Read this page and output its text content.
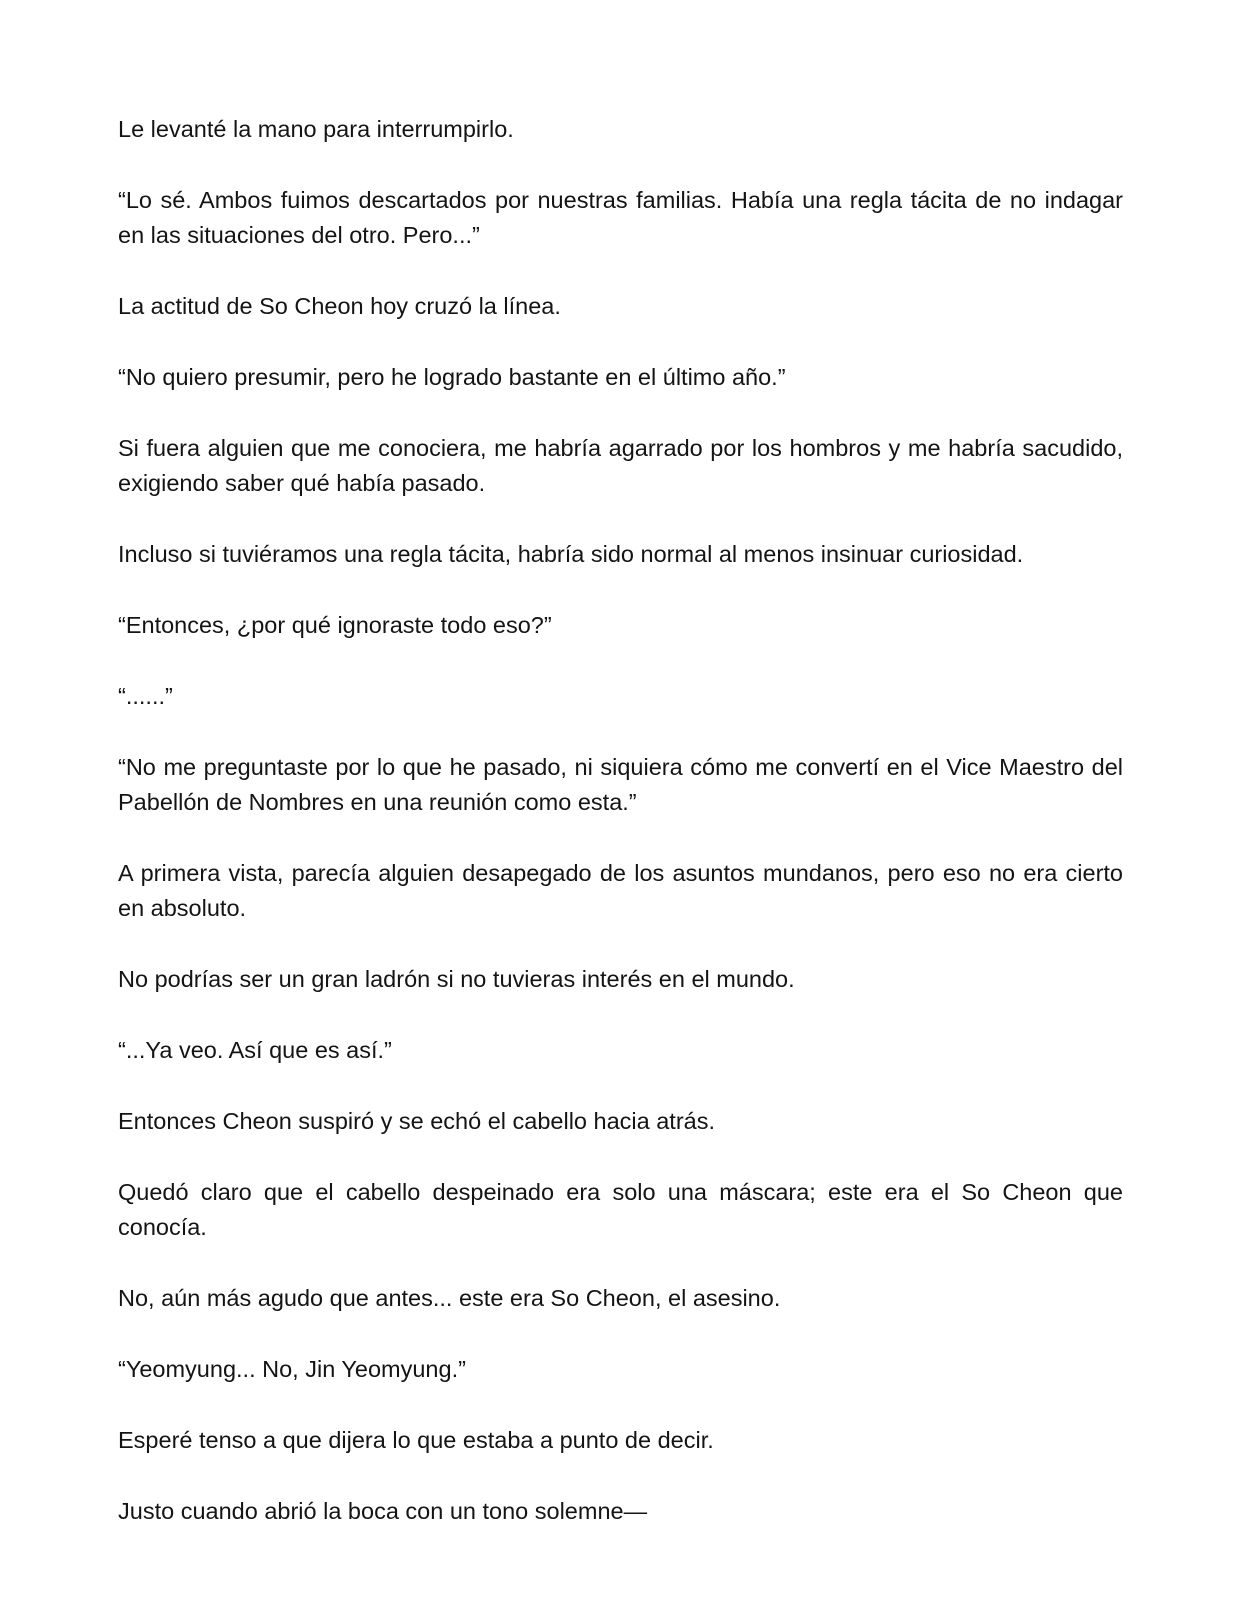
Le levanté la mano para interrumpirlo.

“Lo sé. Ambos fuimos descartados por nuestras familias. Había una regla tácita de no indagar en las situaciones del otro. Pero...”

La actitud de So Cheon hoy cruzó la línea.

“No quiero presumir, pero he logrado bastante en el último año.”

Si fuera alguien que me conociera, me habría agarrado por los hombros y me habría sacudido, exigiendo saber qué había pasado.

Incluso si tuviéramos una regla tácita, habría sido normal al menos insinuar curiosidad.

“Entonces, ¿por qué ignoraste todo eso?”

“......”

“No me preguntaste por lo que he pasado, ni siquiera cómo me convertí en el Vice Maestro del Pabellón de Nombres en una reunión como esta.”

A primera vista, parecía alguien desapegado de los asuntos mundanos, pero eso no era cierto en absoluto.

No podrías ser un gran ladrón si no tuvieras interés en el mundo.

“...Ya veo. Así que es así.”

Entonces Cheon suspiró y se echó el cabello hacia atrás.

Quedó claro que el cabello despeinado era solo una máscara; este era el So Cheon que conocía.

No, aún más agudo que antes... este era So Cheon, el asesino.

“Yeomyung... No, Jin Yeomyung.”

Esperé tenso a que dijera lo que estaba a punto de decir.

Justo cuando abrió la boca con un tono solemne—
